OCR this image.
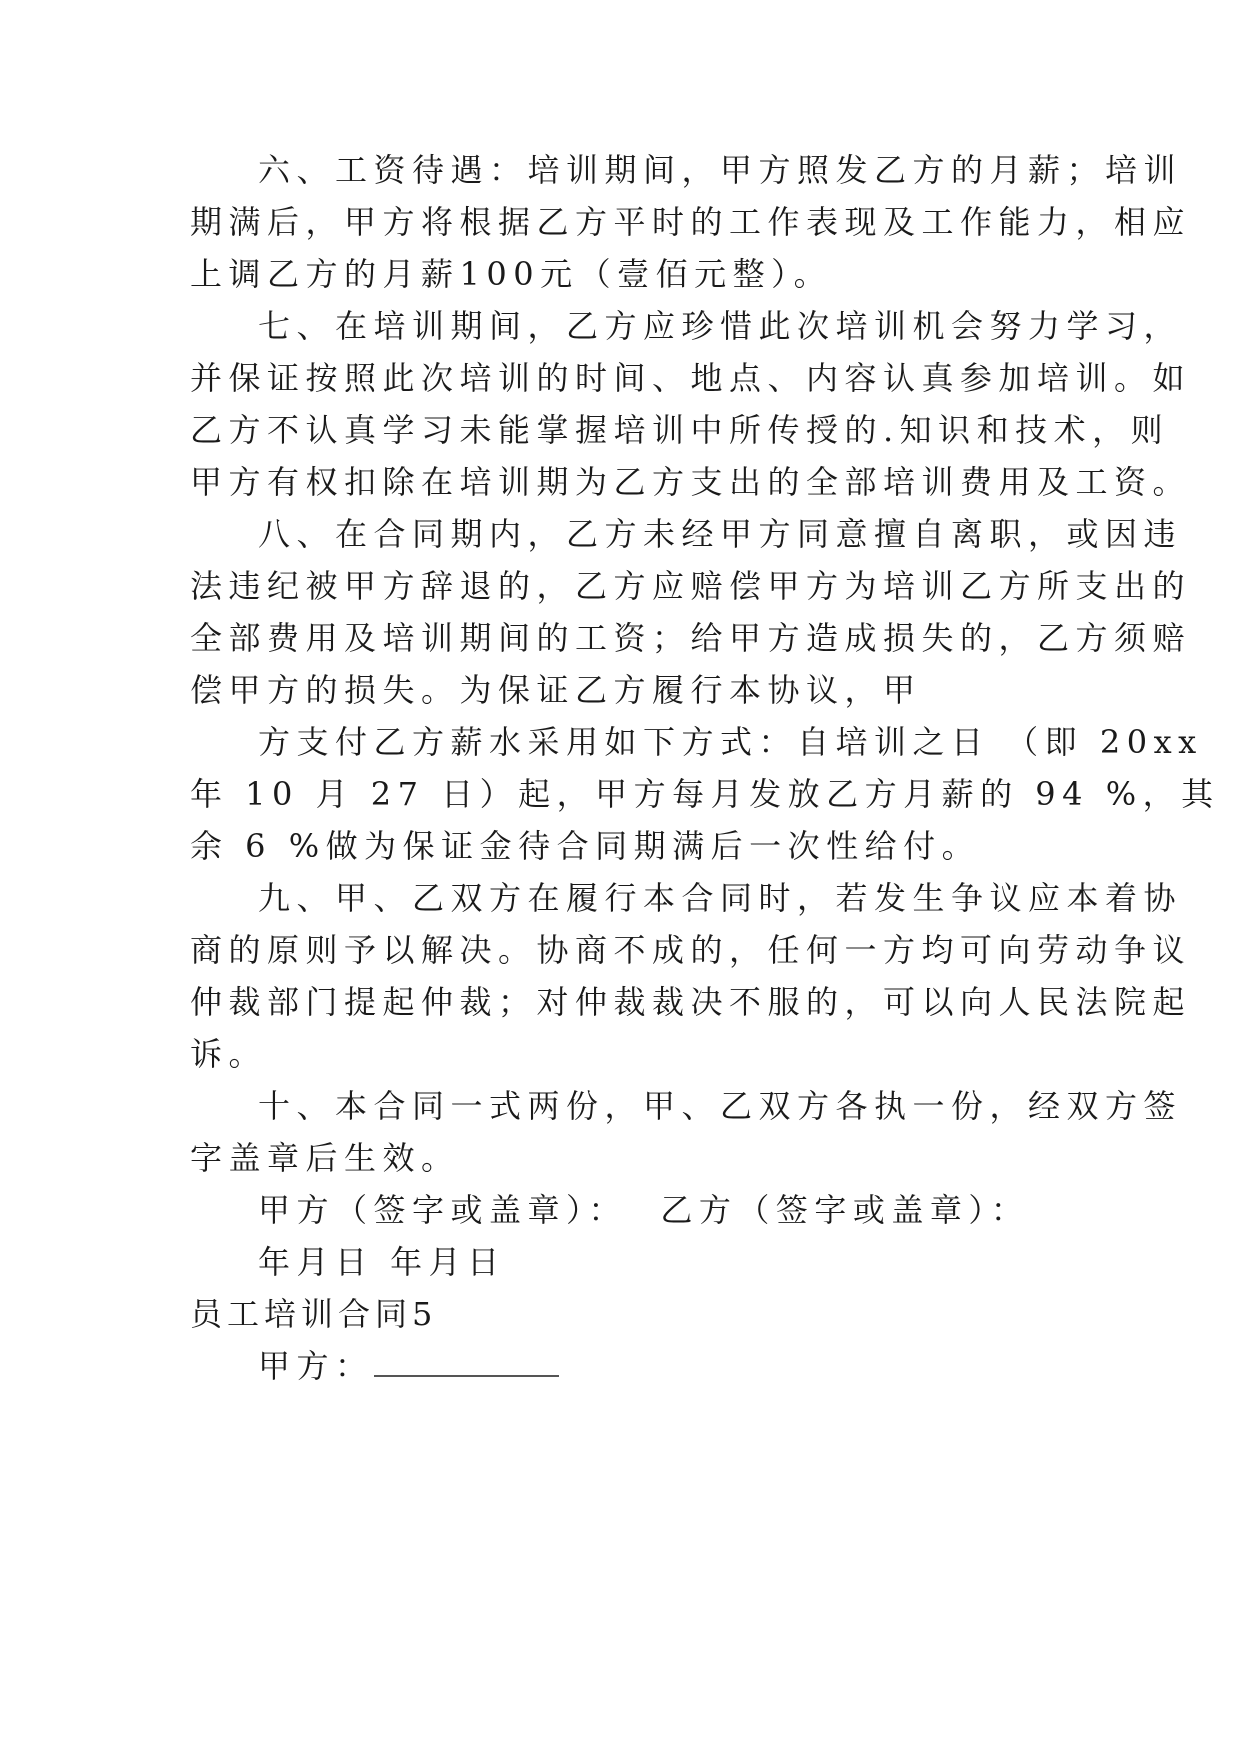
六、工资待遇：培训期间，甲方照发乙方的月薪；培训
期满后，甲方将根据乙方平时的工作表现及工作能力，相应
上调乙方的月薪100元（壹佰元整）。
七、在培训期间，乙方应珍惜此次培训机会努力学习，
并保证按照此次培训的时间、地点、内容认真参加培训。如
乙方不认真学习未能掌握培训中所传授的.知识和技术，则
甲方有权扣除在培训期为乙方支出的全部培训费用及工资。
八、在合同期内，乙方未经甲方同意擅自离职，或因违
法违纪被甲方辞退的，乙方应赔偿甲方为培训乙方所支出的
全部费用及培训期间的工资；给甲方造成损失的，乙方须赔
偿甲方的损失。为保证乙方履行本协议，甲
方支付乙方薪水采用如下方式：自培训之日 （即 20xx
年 10 月 27 日）起，甲方每月发放乙方月薪的 94 %，其
余 6 %做为保证金待合同期满后一次性给付。
九、甲、乙双方在履行本合同时，若发生争议应本着协
商的原则予以解决。协商不成的，任何一方均可向劳动争议
仲裁部门提起仲裁；对仲裁裁决不服的，可以向人民法院起
诉。
十、本合同一式两份，甲、乙双方各执一份，经双方签
字盖章后生效。
甲方（签字或盖章）：  乙方（签字或盖章）：
年月日 年月日
员工培训合同5
甲方：
